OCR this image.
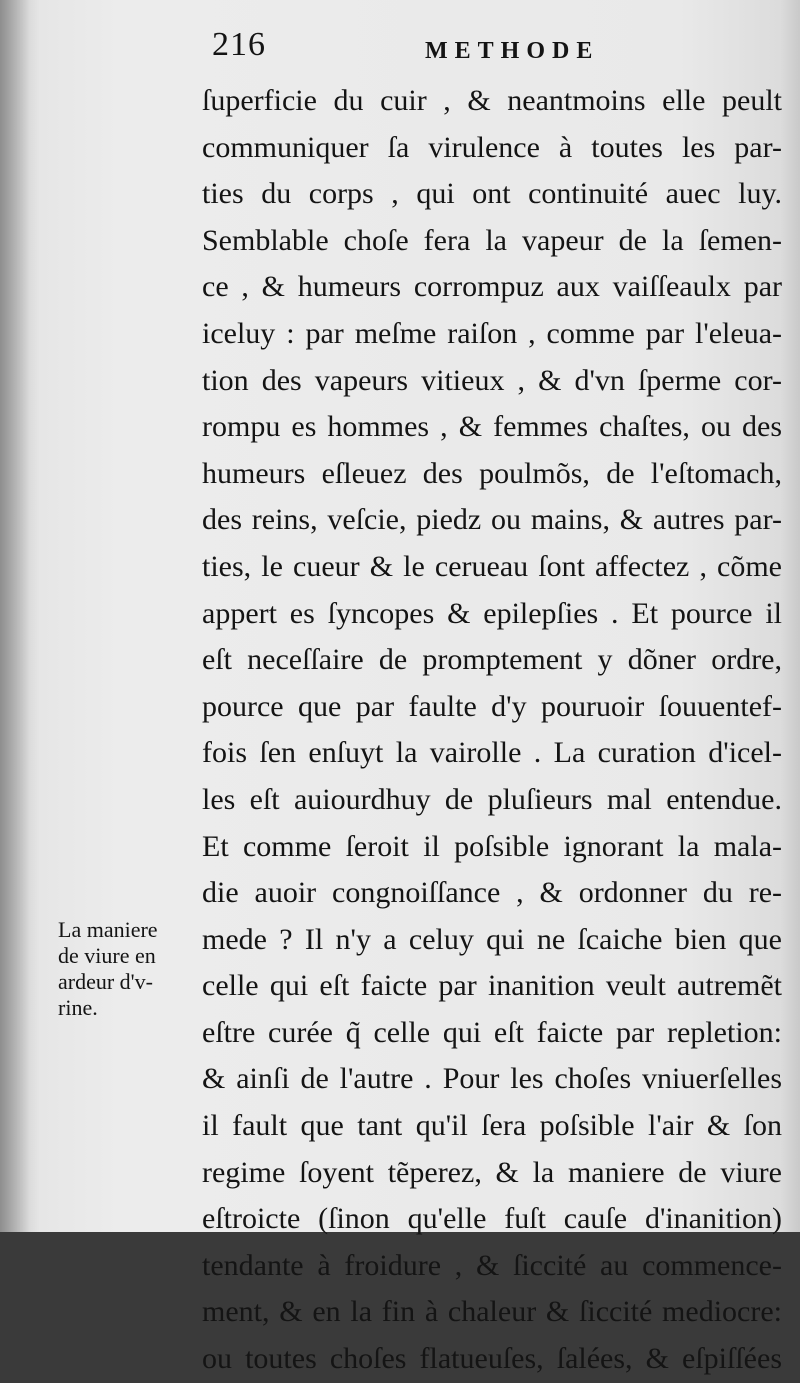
216	METHODE
ſuperficie du cuir , & neantmoins elle peult
communiquer ſa virulence à toutes les par-
ties du corps , qui ont continuité auec luy.
Semblable choſe fera la vapeur de la ſemen-
ce , & humeurs corrompuz aux vaiſſeaulx par
iceluy : par meſme raiſon , comme par l'eleua-
tion des vapeurs vitieux , & d'vn ſperme cor-
rompu es hommes , & femmes chaſtes, ou des
humeurs eſleuez des poulmõs, de l'eſtomach,
des reins, veſcie, piedz ou mains, & autres par-
ties, le cueur & le cerueau ſont affectez , cõme
appert es ſyncopes & epilepſies . Et pource il
eſt neceſſaire de promptement y dõner ordre,
pource que par faulte d'y pouruoir ſouuentef-
fois ſen enſuyt la vairolle . La curation d'icel-
les eſt auiourdhuy de pluſieurs mal entendue.
Et comme ſeroit il poſsible ignorant la mala-
die auoir congnoiſſance , & ordonner du re-
mede ? Il n'y a celuy qui ne ſcaiche bien que
celle qui eſt faicte par inanition veult autremẽt
eſtre curée q̃ celle qui eſt faicte par repletion:
& ainſi de l'autre . Pour les choſes vniuerſelles
il fault que tant qu'il ſera poſsible l'air & ſon
regime ſoyent tẽperez, & la maniere de viure
eſtroicte (ſinon qu'elle fuſt cauſe d'inanition)
tendante à froidure , & ſiccité au commence-
ment, & en la fin à chaleur & ſiccité mediocre:
ou toutes choſes flatueuſes, ſalées, & eſpiſſées
La maniere
de viure en
ardeur d'v-
rine.
